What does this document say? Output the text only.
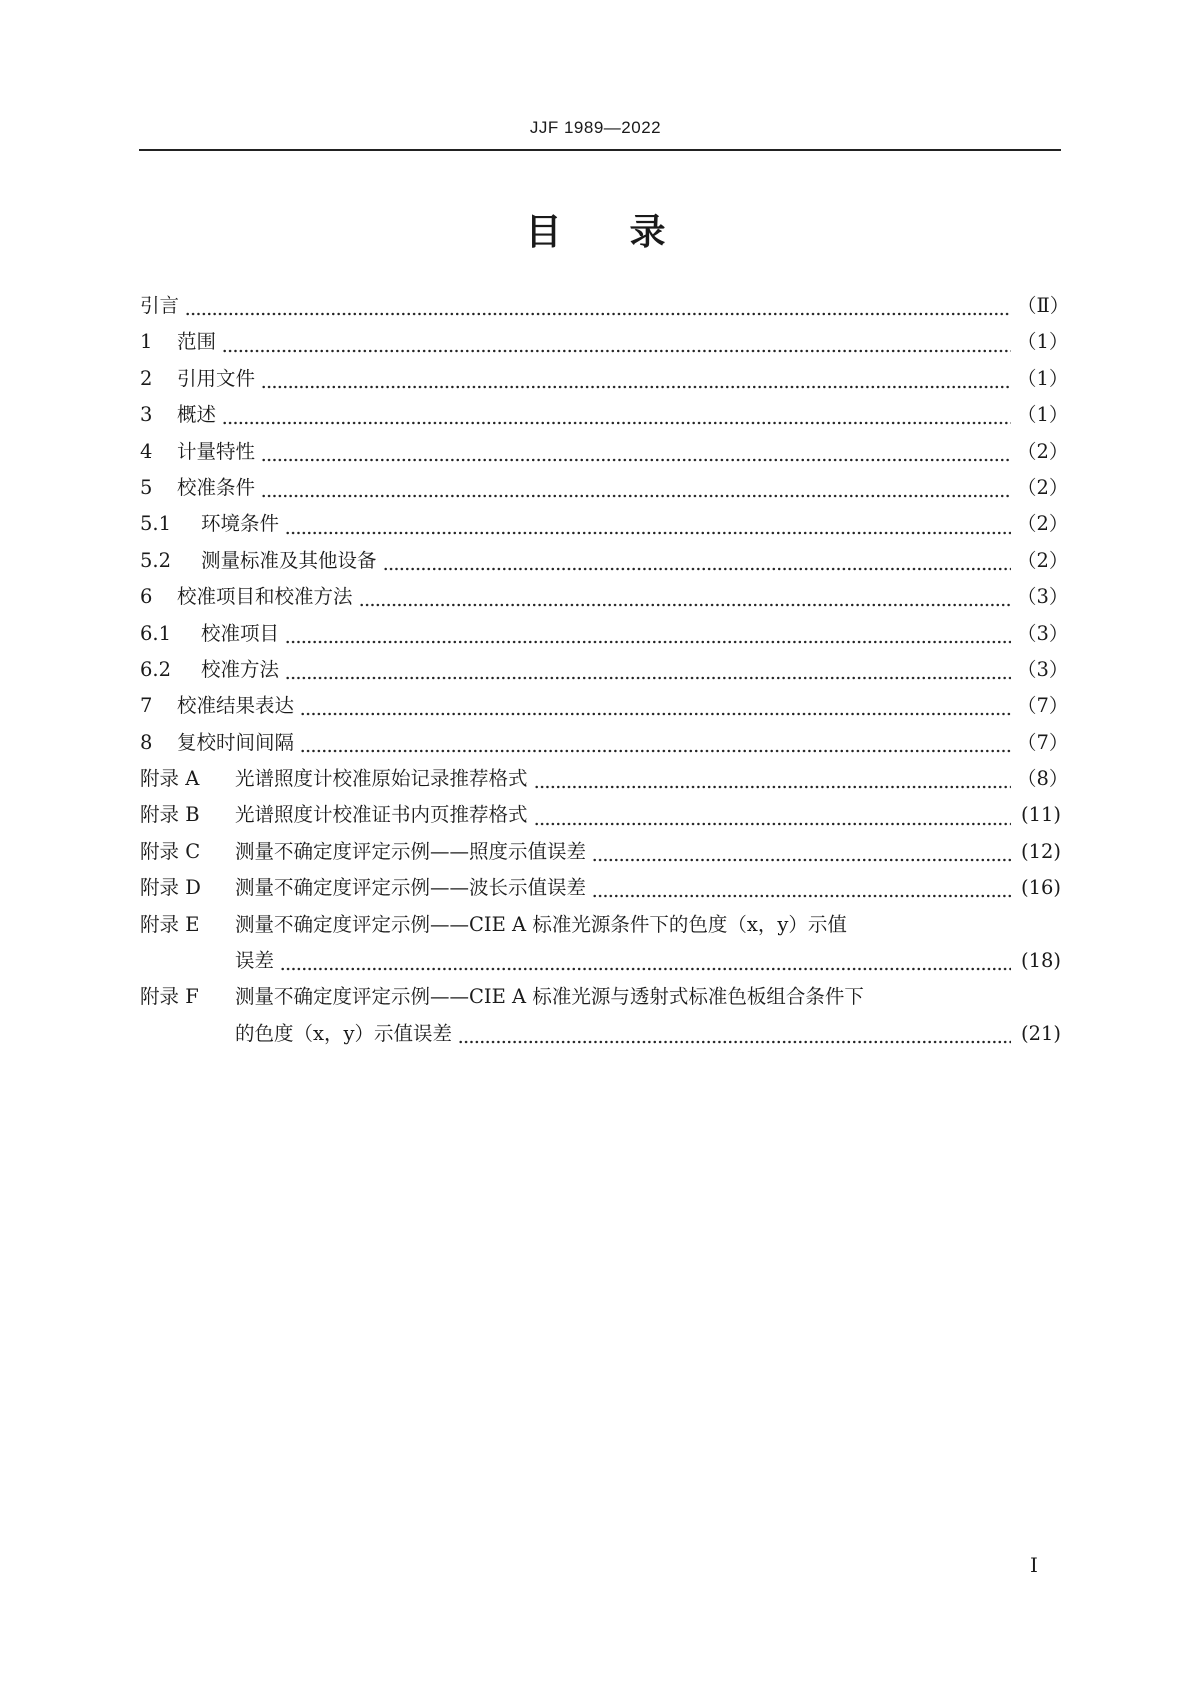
JJF 1989—2022
目 录
引言	（Ⅱ）
1	范围	（1）
2	引用文件	（1）
3	概述	（1）
4	计量特性	（2）
5	校准条件	（2）
5.1	环境条件	（2）
5.2	测量标准及其他设备	（2）
6	校准项目和校准方法	（3）
6.1	校准项目	（3）
6.2	校准方法	（3）
7	校准结果表达	（7）
8	复校时间间隔	（7）
附录 A	光谱照度计校准原始记录推荐格式	（8）
附录 B	光谱照度计校准证书内页推荐格式	(11)
附录 C	测量不确定度评定示例——照度示值误差	(12)
附录 D	测量不确定度评定示例——波长示值误差	(16)
附录 E	测量不确定度评定示例——CIE A 标准光源条件下的色度（x，y）示值
误差	(18)
附录 F	测量不确定度评定示例——CIE A 标准光源与透射式标准色板组合条件下
的色度（x，y）示值误差	(21)
I
